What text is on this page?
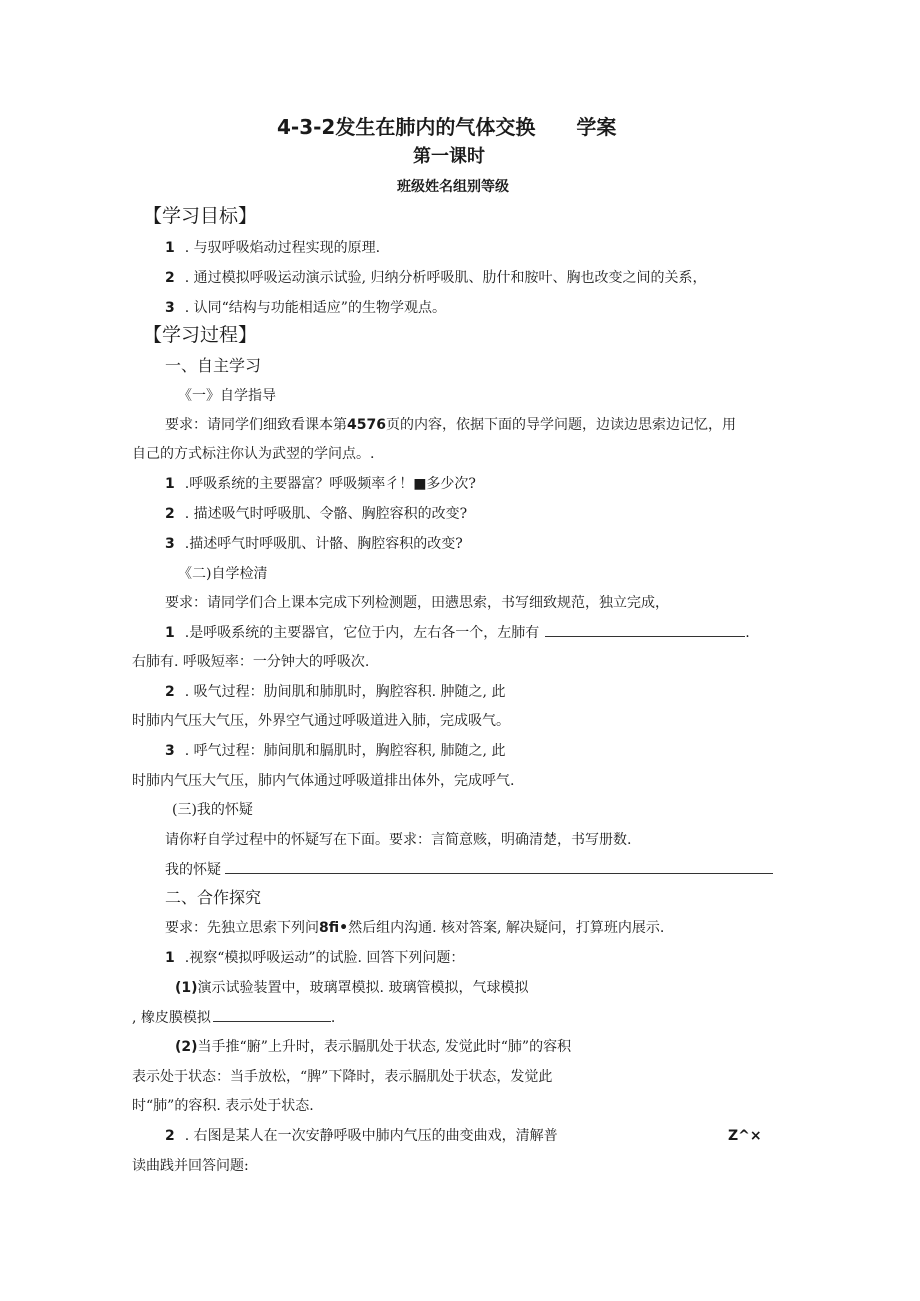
4-3-2发生在肺内的气体交换 学案
第一课时
班级姓名组别等级
【学习目标】
1 . 与驭呼吸焰动过程实现的原理.
2 . 通过模拟呼吸运动演示试验, 归纳分析呼吸肌、肋什和胺叶、胸也改变之间的关系，
3 . 认同“结构与功能相适应”的生物学观点。
【学习过程】
一、自主学习
《一》自学指导
要求：请同学们细致看课本第4576页的内容，依据下面的导学问题，边读边思索边记忆，用
自己的方式标注你认为武翌的学问点。.
1 .呼吸系统的主要器富？呼吸频率彳！■多少次?
2 . 描述吸气时呼吸肌、令骼、胸腔容积的改变?
3 .描述呼气时呼吸肌、计骼、胸腔容积的改变?
《二)自学检清
要求：请同学们合上课本完成下列检测题，田懑思索，书写细致规范，独立完成，
1 .是呼吸系统的主要器官，它位于内，左右各一个，左肺有	.
右肺有. 呼吸短率：一分钟大的呼吸次.
2 . 吸气过程：肋间肌和肺肌时，胸腔容积. 肿随之, 此
时肺内气压大气压，外界空气通过呼吸道进入肺，完成吸气。
3 . 呼气过程：肺间肌和膈肌时，胸腔容积, 肺随之, 此
时肺内气压大气压，肺内气体通过呼吸道排出体外，完成呼气.
(三)我的怀疑
请你籽自学过程中的怀疑写在下面。要求：言简意赅，明确清楚，书写册数.
我的怀疑
二、合作探究
要求：先独立思索下列问8fi•然后组内沟通. 核对答案, 解决疑问，打算班内展示.
1 .视察“模拟呼吸运动”的试脸. 回答下列问题：
(1)演示试验装置中，玻璃罩模拟. 玻璃管模拟，气球模拟
, 橡皮膜模拟	.
(2)当手推“腑”上升时，表示膈肌处于状态, 发觉此时“肺”的容积
表示处于状态：当手放松，“脾”下降时，表示膈肌处于状态，发觉此
时“肺”的容积. 表示处于状态.
2 . 右图是某人在一次安静呼吸中肺内气压的曲变曲戏，清解普	Z^×
读曲践并回答问题:
